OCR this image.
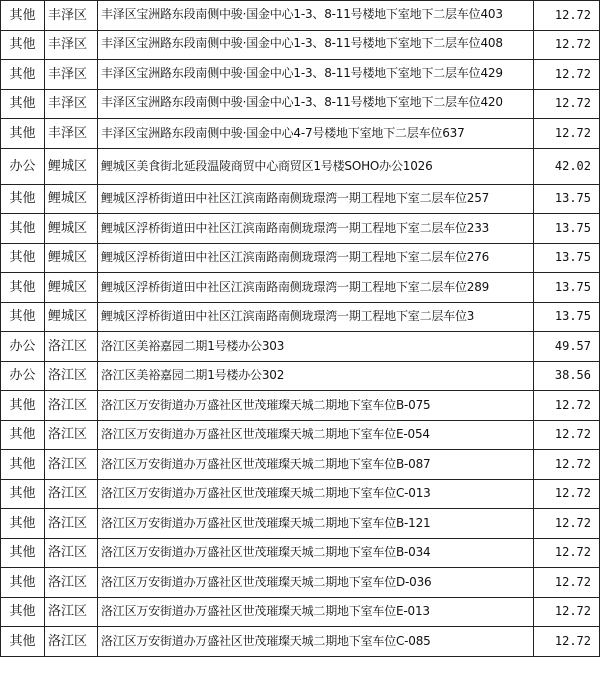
其他	丰泽区	丰泽区宝洲路东段南侧中骏·国金中心1-3、8-11号楼地下室地下二层车位403	12.72
其他	丰泽区	丰泽区宝洲路东段南侧中骏·国金中心1-3、8-11号楼地下室地下二层车位408	12.72
其他	丰泽区	丰泽区宝洲路东段南侧中骏·国金中心1-3、8-11号楼地下室地下二层车位429	12.72
其他	丰泽区	丰泽区宝洲路东段南侧中骏·国金中心1-3、8-11号楼地下室地下二层车位420	12.72
其他	丰泽区	丰泽区宝洲路东段南侧中骏·国金中心4-7号楼地下室地下二层车位637	12.72
办公	鲤城区	鲤城区美食街北延段温陵商贸中心商贸区1号楼SOHO办公1026	42.02
其他	鲤城区	鲤城区浮桥街道田中社区江滨南路南侧珑璟湾一期工程地下室二层车位257	13.75
其他	鲤城区	鲤城区浮桥街道田中社区江滨南路南侧珑璟湾一期工程地下室二层车位233	13.75
其他	鲤城区	鲤城区浮桥街道田中社区江滨南路南侧珑璟湾一期工程地下室二层车位276	13.75
其他	鲤城区	鲤城区浮桥街道田中社区江滨南路南侧珑璟湾一期工程地下室二层车位289	13.75
其他	鲤城区	鲤城区浮桥街道田中社区江滨南路南侧珑璟湾一期工程地下室二层车位3	13.75
办公	洛江区	洛江区美裕嘉园二期1号楼办公303	49.57
办公	洛江区	洛江区美裕嘉园二期1号楼办公302	38.56
其他	洛江区	洛江区万安街道办万盛社区世茂璀璨天城二期地下室车位B-075	12.72
其他	洛江区	洛江区万安街道办万盛社区世茂璀璨天城二期地下室车位E-054	12.72
其他	洛江区	洛江区万安街道办万盛社区世茂璀璨天城二期地下室车位B-087	12.72
其他	洛江区	洛江区万安街道办万盛社区世茂璀璨天城二期地下室车位C-013	12.72
其他	洛江区	洛江区万安街道办万盛社区世茂璀璨天城二期地下室车位B-121	12.72
其他	洛江区	洛江区万安街道办万盛社区世茂璀璨天城二期地下室车位B-034	12.72
其他	洛江区	洛江区万安街道办万盛社区世茂璀璨天城二期地下室车位D-036	12.72
其他	洛江区	洛江区万安街道办万盛社区世茂璀璨天城二期地下室车位E-013	12.72
其他	洛江区	洛江区万安街道办万盛社区世茂璀璨天城二期地下室车位C-085	12.72
